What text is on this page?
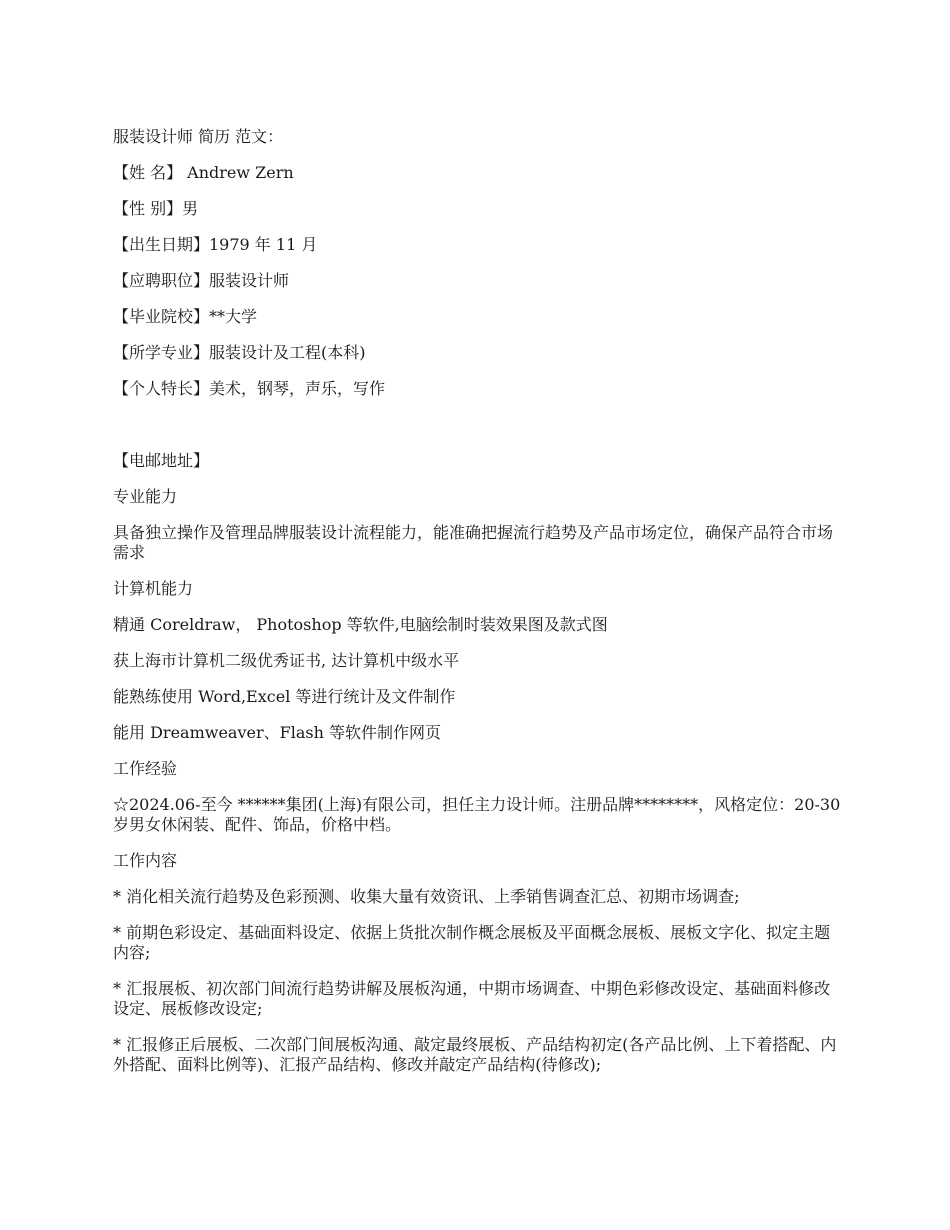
服装设计师 简历 范文：

【姓 名】 Andrew Zern

【性 别】男

【出生日期】1979 年 11 月

【应聘职位】服装设计师

【毕业院校】**大学

【所学专业】服装设计及工程(本科)

【个人特长】美术，钢琴，声乐，写作

【电邮地址】

专业能力

具备独立操作及管理品牌服装设计流程能力，能准确把握流行趋势及产品市场定位，确保产品符合市场需求

计算机能力

精通 Coreldraw， Photoshop 等软件,电脑绘制时装效果图及款式图

获上海市计算机二级优秀证书, 达计算机中级水平

能熟练使用 Word,Excel 等进行统计及文件制作

能用 Dreamweaver、Flash 等软件制作网页

工作经验

☆2024.06-至今 ******集团(上海)有限公司，担任主力设计师。注册品牌********，风格定位：20-30 岁男女休闲装、配件、饰品，价格中档。

工作内容

* 消化相关流行趋势及色彩预测、收集大量有效资讯、上季销售调查汇总、初期市场调查;

* 前期色彩设定、基础面料设定、依据上货批次制作概念展板及平面概念展板、展板文字化、拟定主题内容;

* 汇报展板、初次部门间流行趋势讲解及展板沟通，中期市场调查、中期色彩修改设定、基础面料修改设定、展板修改设定;

* 汇报修正后展板、二次部门间展板沟通、敲定最终展板、产品结构初定(各产品比例、上下着搭配、内外搭配、面料比例等)、汇报产品结构、修改并敲定产品结构(待修改);
